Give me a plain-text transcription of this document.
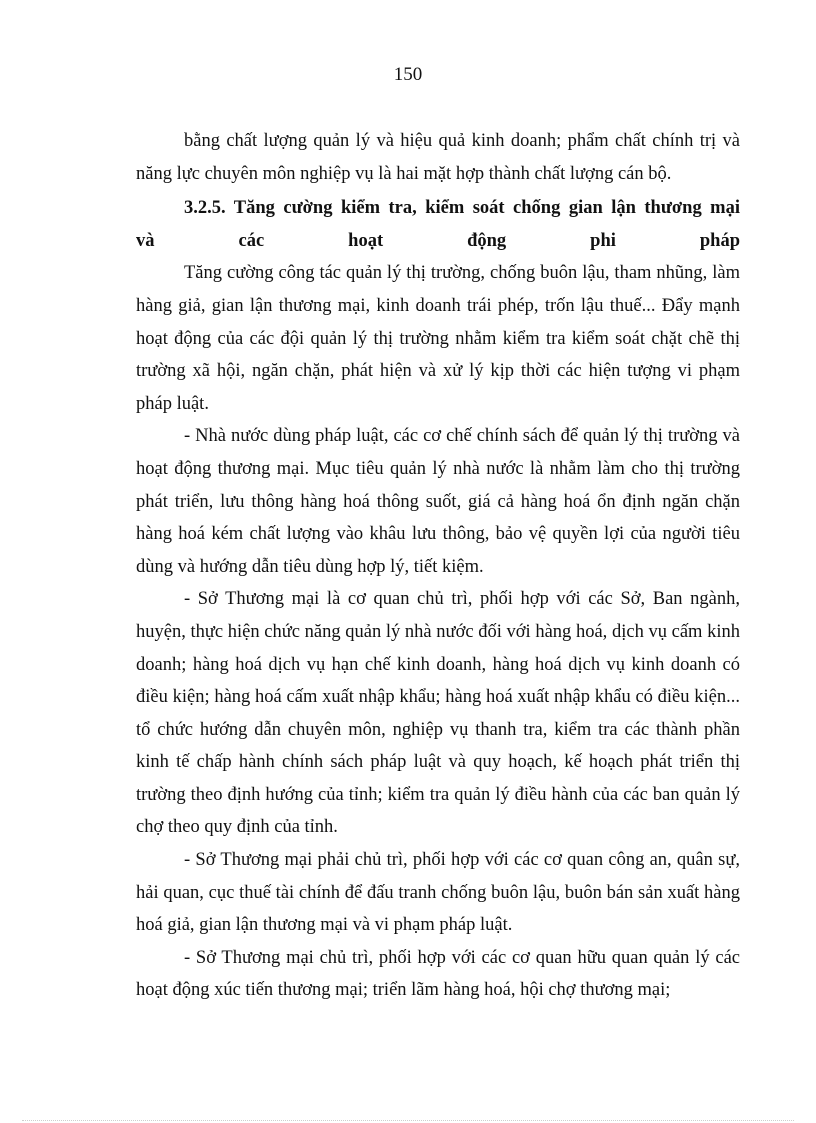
150

bằng chất lượng quản lý và hiệu quả kinh doanh; phẩm chất chính trị và năng lực chuyên môn nghiệp vụ là hai mặt hợp thành chất lượng cán bộ.

3.2.5. Tăng cường kiểm tra, kiểm soát chống gian lận thương mại
và các hoạt động phi pháp

Tăng cường công tác quản lý thị trường, chống buôn lậu, tham nhũng, làm hàng giả, gian lận thương mại, kinh doanh trái phép, trốn lậu thuế... Đẩy mạnh hoạt động của các đội quản lý thị trường nhằm kiểm tra kiểm soát chặt chẽ thị trường xã hội, ngăn chặn, phát hiện và xử lý kịp thời các hiện tượng vi phạm pháp luật.

- Nhà nước dùng pháp luật, các cơ chế chính sách để quản lý thị trường và hoạt động thương mại. Mục tiêu quản lý nhà nước là nhằm làm cho thị trường phát triển, lưu thông hàng hoá thông suốt, giá cả hàng hoá ổn định ngăn chặn hàng hoá kém chất lượng vào khâu lưu thông, bảo vệ quyền lợi của người tiêu dùng và hướng dẫn tiêu dùng hợp lý, tiết kiệm.

- Sở Thương mại là cơ quan chủ trì, phối hợp với các Sở, Ban ngành, huyện, thực hiện chức năng quản lý nhà nước đối với hàng hoá, dịch vụ cấm kinh doanh; hàng hoá dịch vụ hạn chế kinh doanh, hàng hoá dịch vụ kinh doanh có điều kiện; hàng hoá cấm xuất nhập khẩu; hàng hoá xuất nhập khẩu có điều kiện... tổ chức hướng dẫn chuyên môn, nghiệp vụ thanh tra, kiểm tra các thành phần kinh tế chấp hành chính sách pháp luật và quy hoạch, kế hoạch phát triển thị trường theo định hướng của tỉnh; kiểm tra quản lý điều hành của các ban quản lý chợ theo quy định của tỉnh.

- Sở Thương mại phải chủ trì, phối hợp với các cơ quan công an, quân sự, hải quan, cục thuế tài chính để đấu tranh chống buôn lậu, buôn bán sản xuất hàng hoá giả, gian lận thương mại và vi phạm pháp luật.

- Sở Thương mại chủ trì, phối hợp với các cơ quan hữu quan quản lý các hoạt động xúc tiến thương mại; triển lãm hàng hoá, hội chợ thương mại;
